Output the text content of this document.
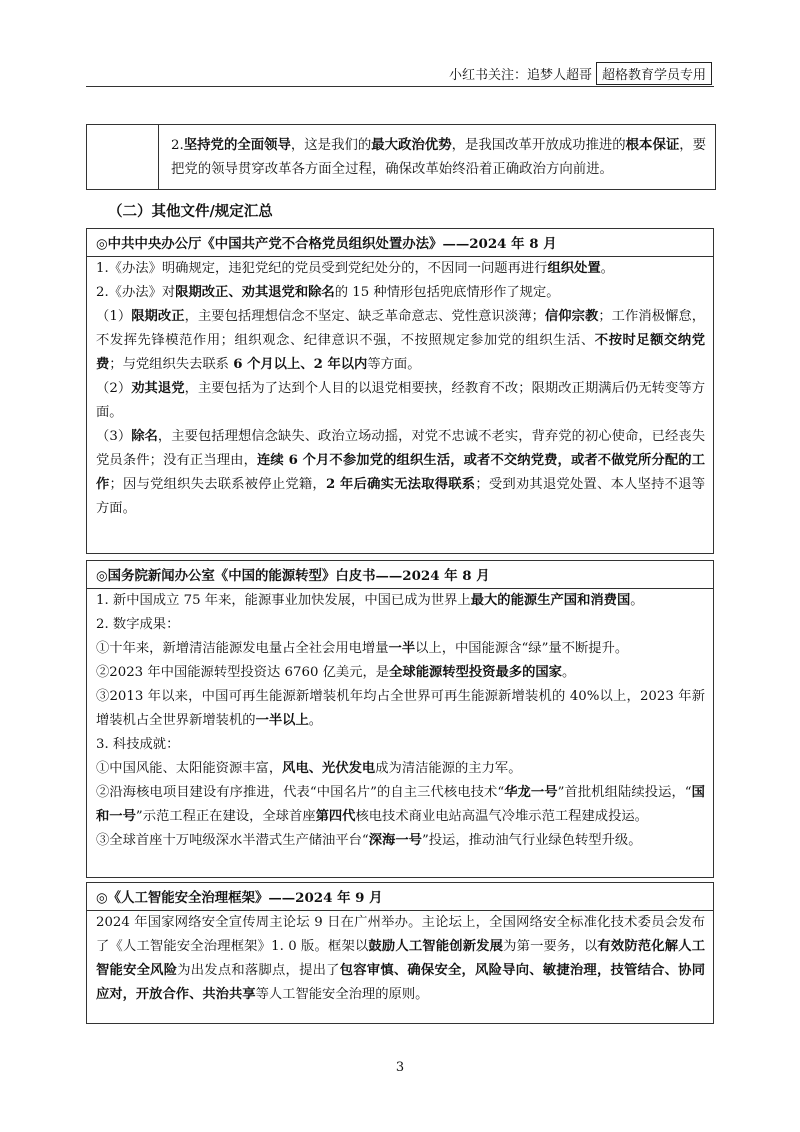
小红书关注：追梦人超哥 超格教育学员专用
2.坚持党的全面领导，这是我们的最大政治优势，是我国改革开放成功推进的根本保证，要把党的领导贯穿改革各方面全过程，确保改革始终沿着正确政治方向前进。
（二）其他文件/规定汇总
◎中共中央办公厅《中国共产党不合格党员组织处置办法》——2024 年 8 月

1.《办法》明确规定，违犯党纪的党员受到党纪处分的，不因同一问题再进行组织处置。

2.《办法》对限期改正、劝其退党和除名的 15 种情形包括兜底情形作了规定。

（1）限期改正，主要包括理想信念不坚定、缺乏革命意志、党性意识淡薄；信仰宗教；工作消极懈怠，不发挥先锋模范作用；组织观念、纪律意识不强，不按照规定参加党的组织生活、不按时足额交纳党费；与党组织失去联系 6 个月以上、2 年以内等方面。

（2）劝其退党，主要包括为了达到个人目的以退党相要挟，经教育不改；限期改正期满后仍无转变等方面。

（3）除名，主要包括理想信念缺失、政治立场动摇，对党不忠诚不老实，背弃党的初心使命，已经丧失党员条件；没有正当理由，连续 6 个月不参加党的组织生活，或者不交纳党费，或者不做党所分配的工作；因与党组织失去联系被停止党籍，2 年后确实无法取得联系；受到劝其退党处置、本人坚持不退等方面。

◎国务院新闻办公室《中国的能源转型》白皮书——2024 年 8 月

1. 新中国成立 75 年来，能源事业加快发展，中国已成为世界上最大的能源生产国和消费国。

2. 数字成果：

①十年来，新增清洁能源发电量占全社会用电增量一半以上，中国能源含“绿”量不断提升。

②2023 年中国能源转型投资达 6760 亿美元，是全球能源转型投资最多的国家。

③2013 年以来，中国可再生能源新增装机年均占全世界可再生能源新增装机的 40%以上，2023 年新增装机占全世界新增装机的一半以上。

3. 科技成就：

①中国风能、太阳能资源丰富，风电、光伏发电成为清洁能源的主力军。

②沿海核电项目建设有序推进，代表“中国名片”的自主三代核电技术“华龙一号”首批机组陆续投运，“国和一号”示范工程正在建设，全球首座第四代核电技术商业电站高温气冷堆示范工程建成投运。

③全球首座十万吨级深水半潜式生产储油平台“深海一号”投运，推动油气行业绿色转型升级。

◎《人工智能安全治理框架》——2024 年 9 月

2024 年国家网络安全宣传周主论坛 9 日在广州举办。主论坛上，全国网络安全标准化技术委员会发布了《人工智能安全治理框架》1. 0 版。框架以鼓励人工智能创新发展为第一要务，以有效防范化解人工智能安全风险为出发点和落脚点，提出了包容审慎、确保安全，风险导向、敏捷治理，技管结合、协同应对，开放合作、共治共享等人工智能安全治理的原则。

3
